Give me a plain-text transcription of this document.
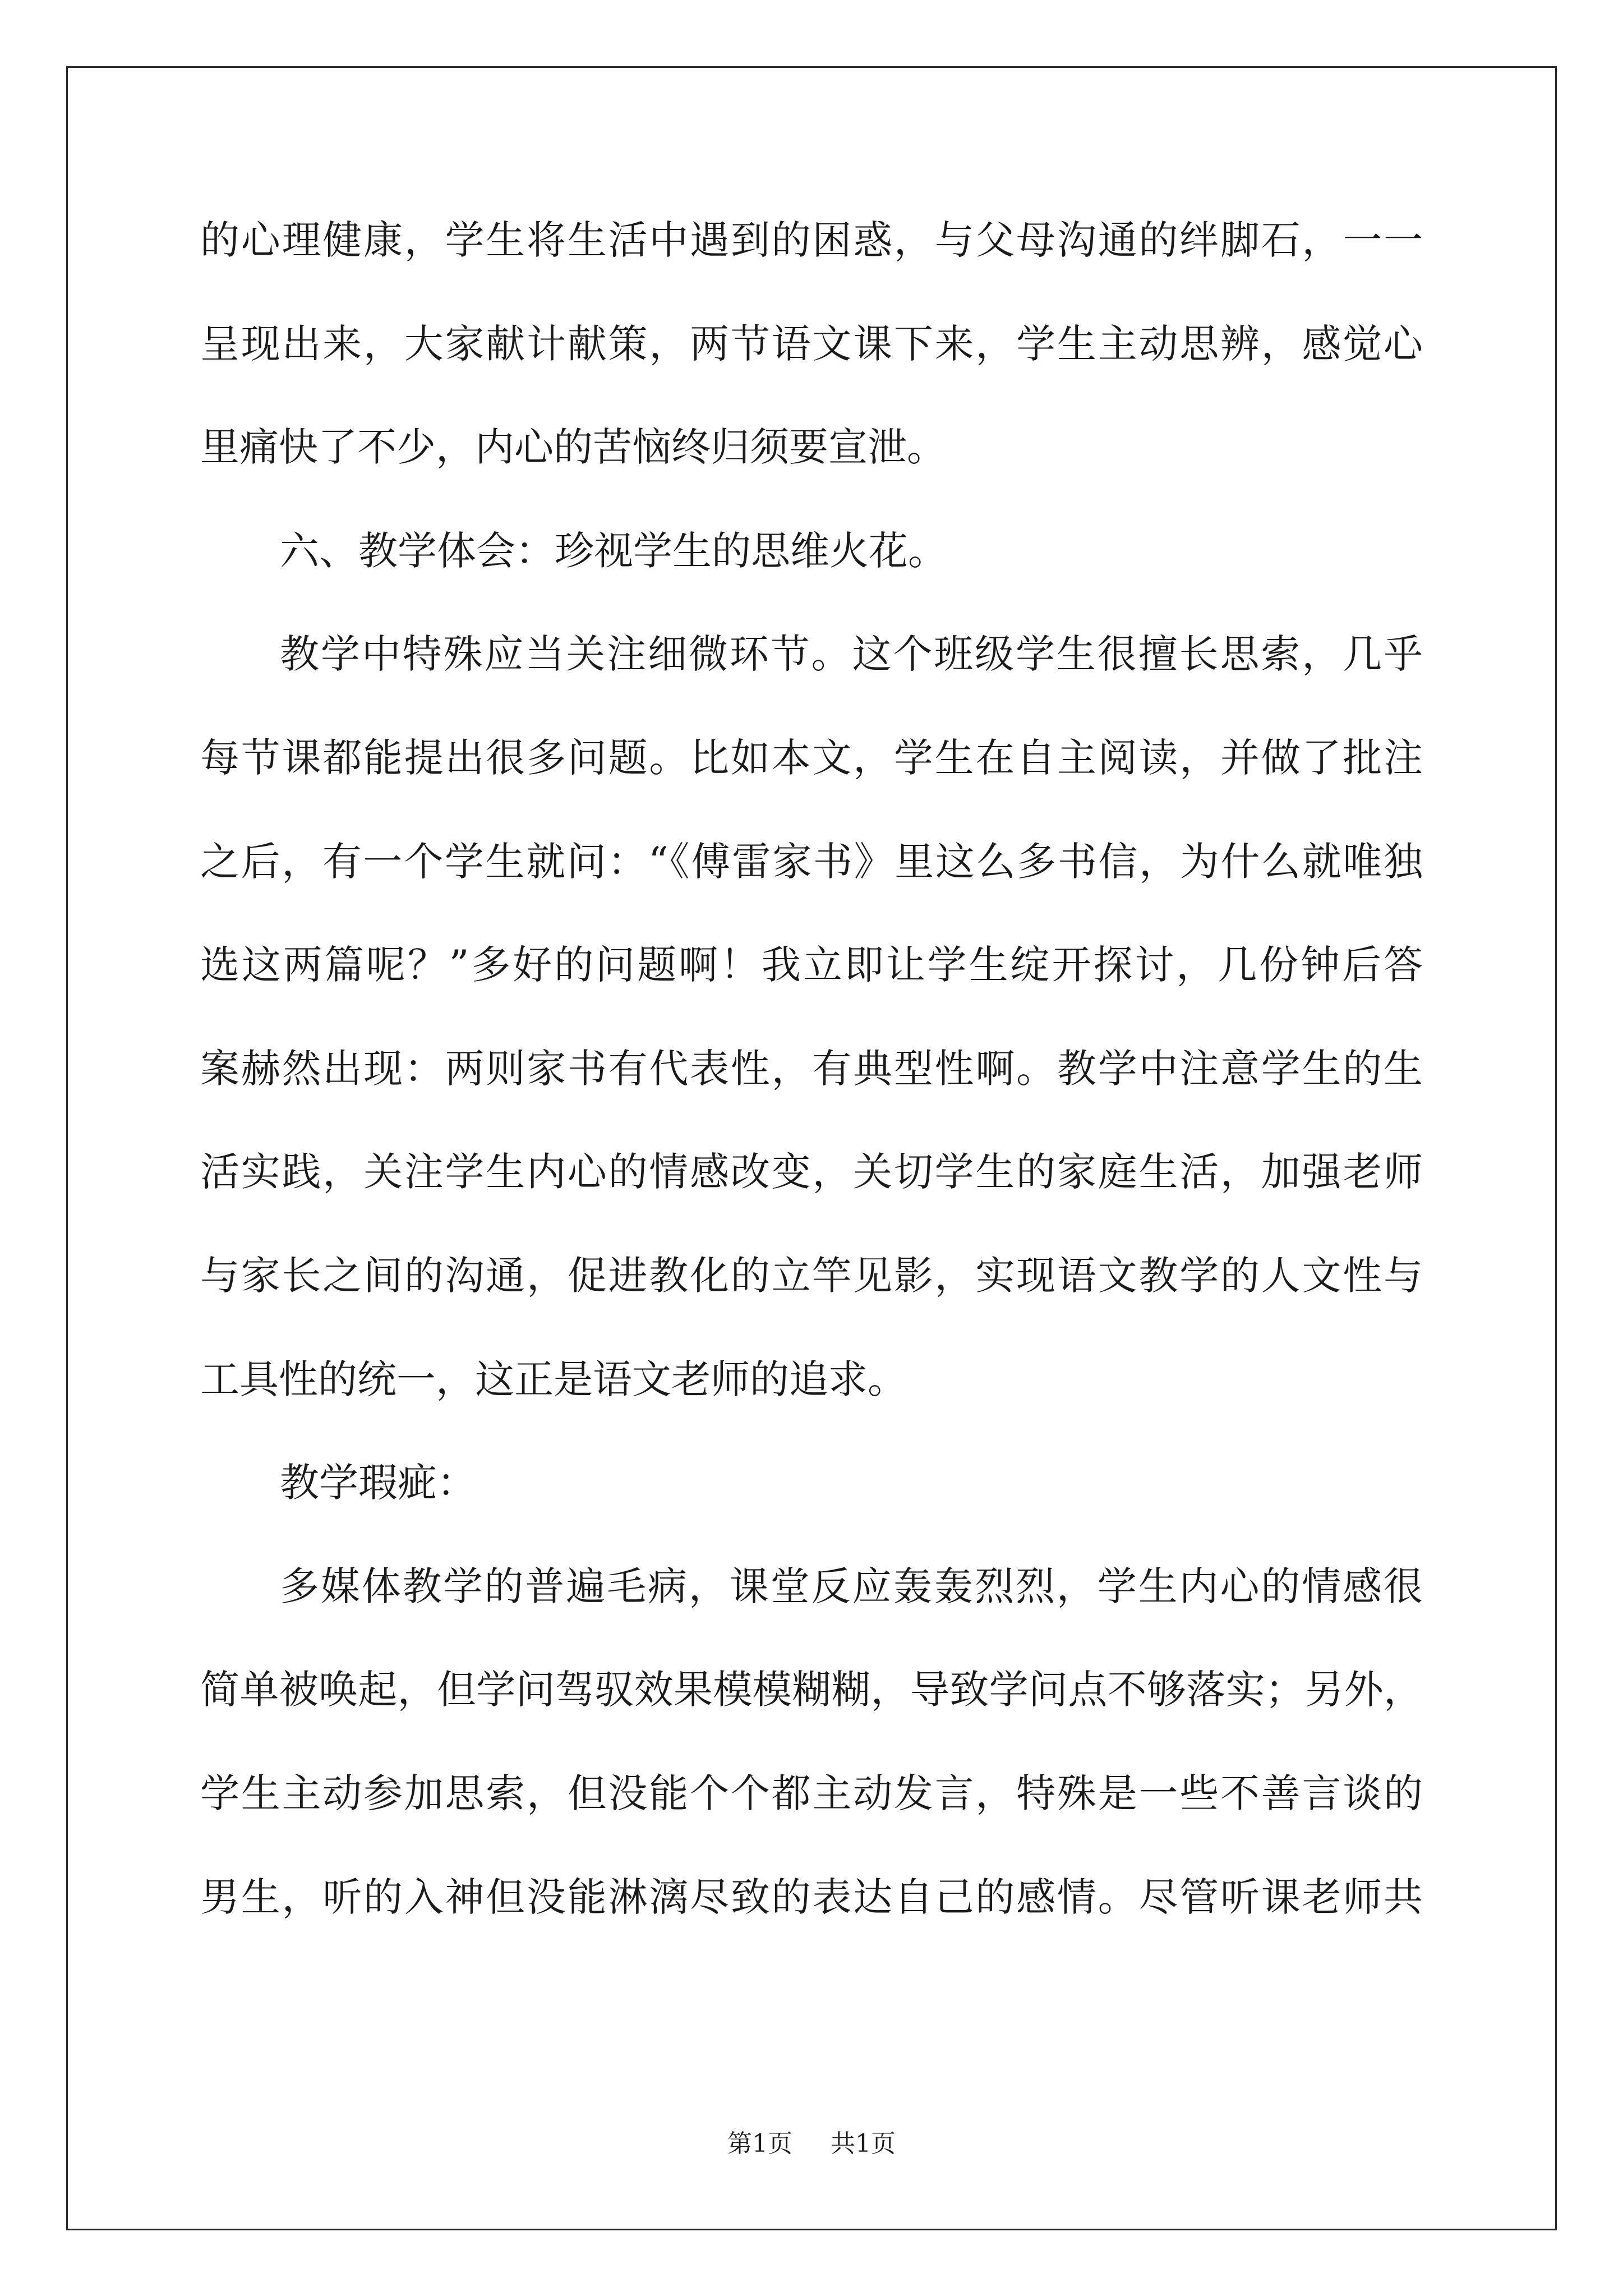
的心理健康，学生将生活中遇到的困惑，与父母沟通的绊脚石，一一
呈现出来，大家献计献策，两节语文课下来，学生主动思辨，感觉心
里痛快了不少，内心的苦恼终归须要宣泄。
六、教学体会：珍视学生的思维火花。
教学中特殊应当关注细微环节。这个班级学生很擅长思索，几乎
每节课都能提出很多问题。比如本文，学生在自主阅读，并做了批注
之后，有一个学生就问：“《傅雷家书》里这么多书信，为什么就唯独
选这两篇呢？”多好的问题啊！我立即让学生绽开探讨，几份钟后答
案赫然出现：两则家书有代表性，有典型性啊。教学中注意学生的生
活实践，关注学生内心的情感改变，关切学生的家庭生活，加强老师
与家长之间的沟通，促进教化的立竿见影，实现语文教学的人文性与
工具性的统一，这正是语文老师的追求。
教学瑕疵：
多媒体教学的普遍毛病，课堂反应轰轰烈烈，学生内心的情感很
简单被唤起，但学问驾驭效果模模糊糊，导致学问点不够落实；另外，
学生主动参加思索，但没能个个都主动发言，特殊是一些不善言谈的
男生，听的入神但没能淋漓尽致的表达自己的感情。尽管听课老师共
第1页 共1页
